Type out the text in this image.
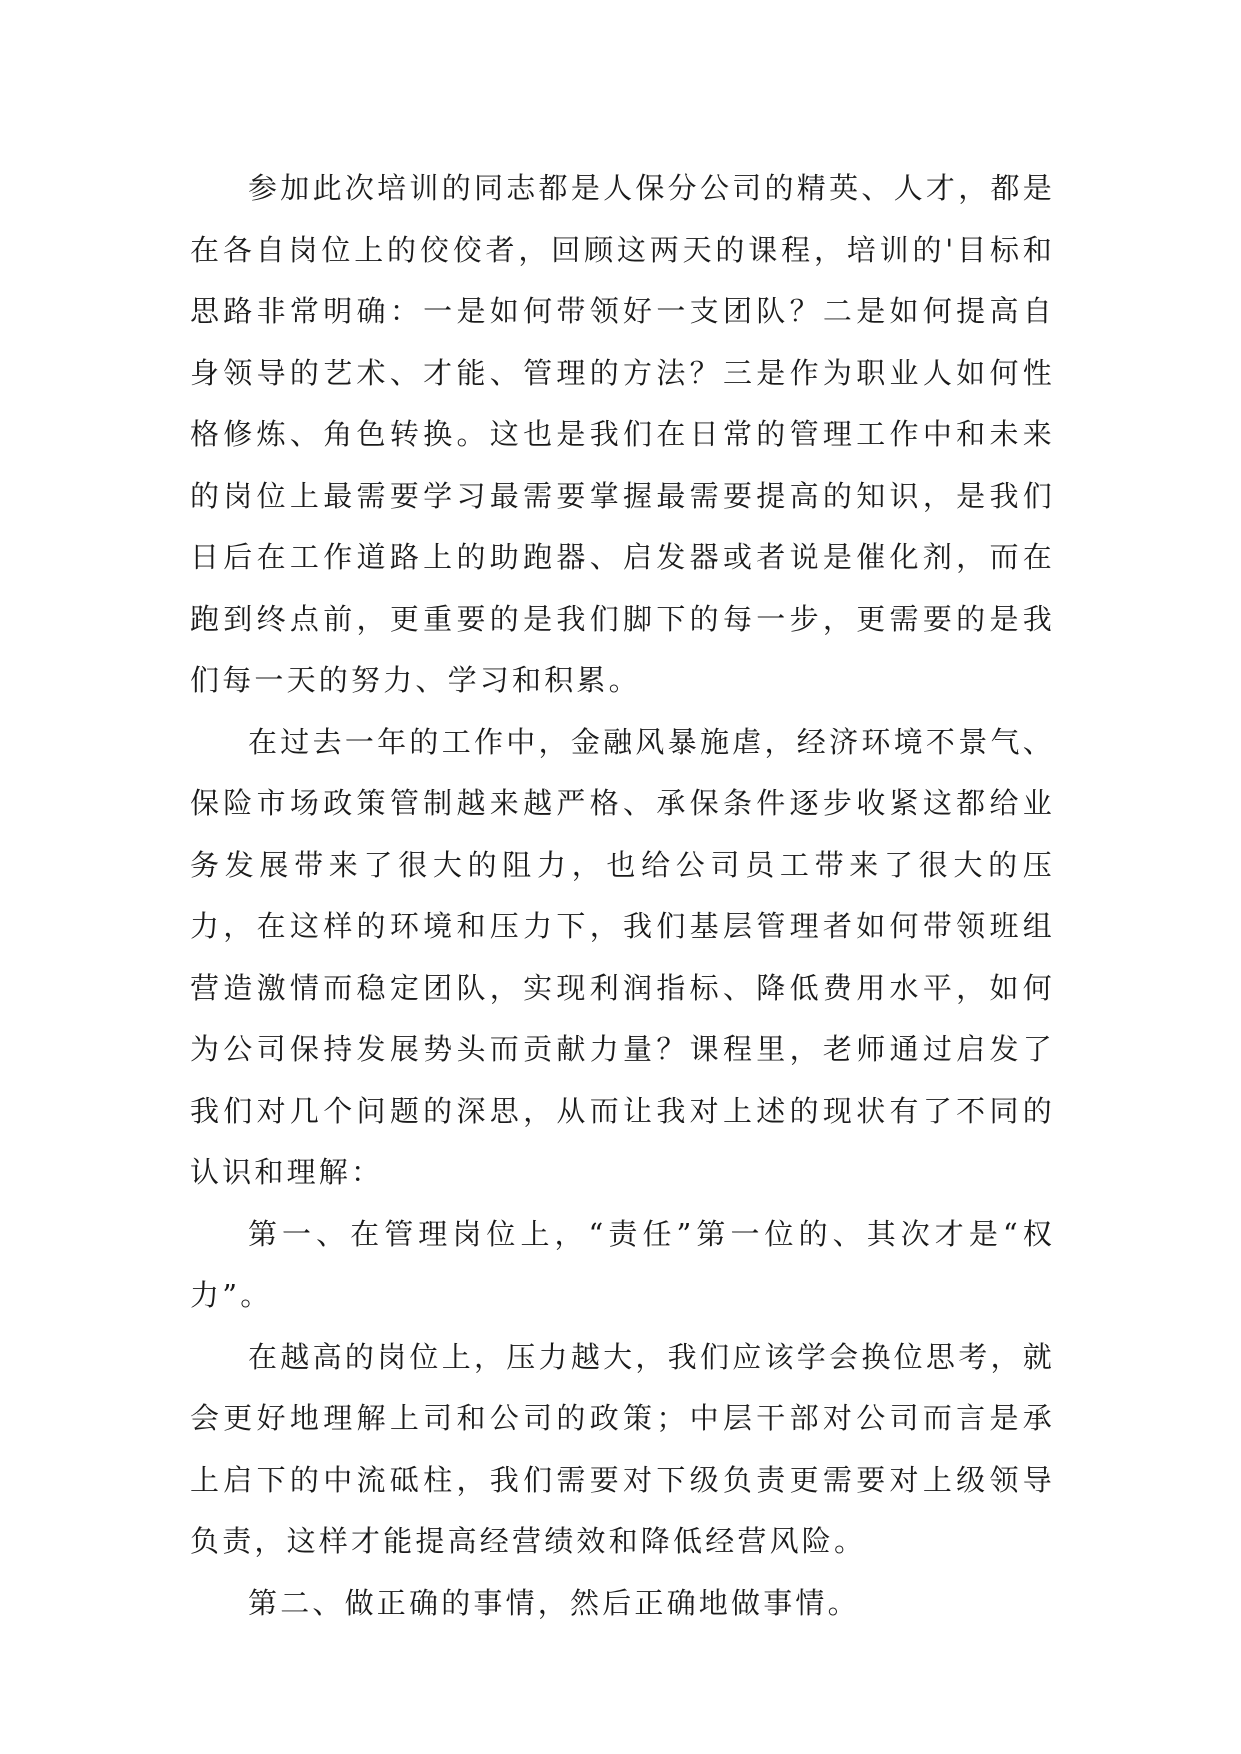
参加此次培训的同志都是人保分公司的精英、人才，都是在各自岗位上的佼佼者，回顾这两天的课程，培训的'目标和思路非常明确：一是如何带领好一支团队？二是如何提高自身领导的艺术、才能、管理的方法？三是作为职业人如何性格修炼、角色转换。这也是我们在日常的管理工作中和未来的岗位上最需要学习最需要掌握最需要提高的知识，是我们日后在工作道路上的助跑器、启发器或者说是催化剂，而在跑到终点前，更重要的是我们脚下的每一步，更需要的是我们每一天的努力、学习和积累。

在过去一年的工作中，金融风暴施虐，经济环境不景气、保险市场政策管制越来越严格、承保条件逐步收紧这都给业务发展带来了很大的阻力，也给公司员工带来了很大的压力，在这样的环境和压力下，我们基层管理者如何带领班组营造激情而稳定团队，实现利润指标、降低费用水平，如何为公司保持发展势头而贡献力量？课程里，老师通过启发了我们对几个问题的深思，从而让我对上述的现状有了不同的认识和理解：

第一、在管理岗位上，“责任”第一位的、其次才是“权力”。

在越高的岗位上，压力越大，我们应该学会换位思考，就会更好地理解上司和公司的政策；中层干部对公司而言是承上启下的中流砥柱，我们需要对下级负责更需要对上级领导负责，这样才能提高经营绩效和降低经营风险。

第二、做正确的事情，然后正确地做事情。
